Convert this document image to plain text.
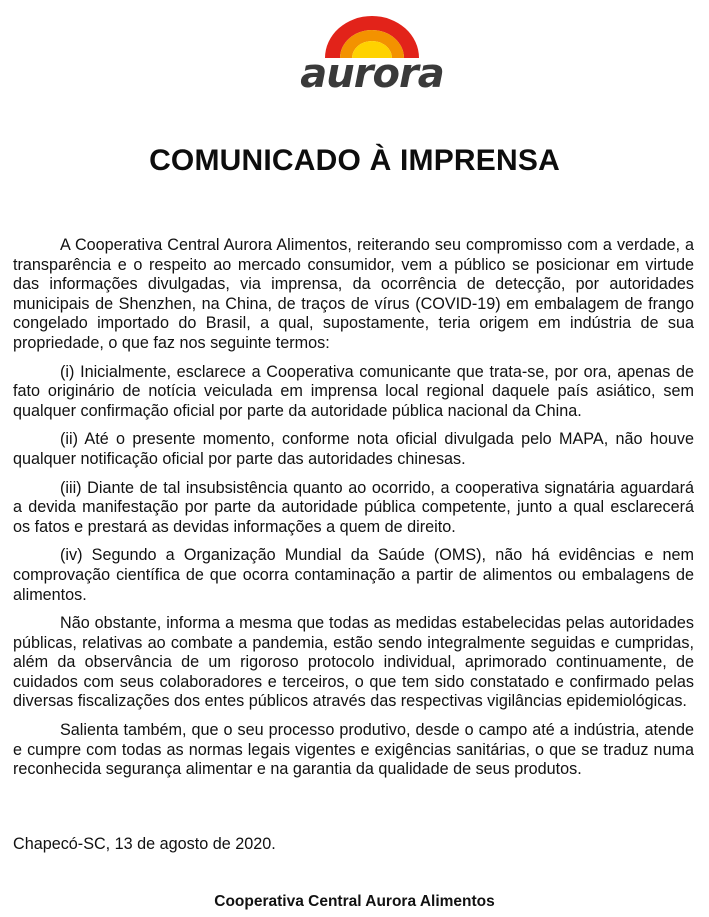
aurora
COMUNICADO À IMPRENSA

A Cooperativa Central Aurora Alimentos, reiterando seu compromisso com a verdade, a transparência e o respeito ao mercado consumidor, vem a público se posicionar em virtude das informações divulgadas, via imprensa, da ocorrência de detecção, por autoridades municipais de Shenzhen, na China, de traços de vírus (COVID-19) em embalagem de frango congelado importado do Brasil, a qual, supostamente, teria origem em indústria de sua propriedade, o que faz nos seguinte termos:

(i) Inicialmente, esclarece a Cooperativa comunicante que trata-se, por ora, apenas de fato originário de notícia veiculada em imprensa local regional daquele país asiático, sem qualquer confirmação oficial por parte da autoridade pública nacional da China.

(ii) Até o presente momento, conforme nota oficial divulgada pelo MAPA, não houve qualquer notificação oficial por parte das autoridades chinesas.

(iii) Diante de tal insubsistência quanto ao ocorrido, a cooperativa signatária aguardará a devida manifestação por parte da autoridade pública competente, junto a qual esclarecerá os fatos e prestará as devidas informações a quem de direito.

(iv) Segundo a Organização Mundial da Saúde (OMS), não há evidências e nem comprovação científica de que ocorra contaminação a partir de alimentos ou embalagens de alimentos.

Não obstante, informa a mesma que todas as medidas estabelecidas pelas autoridades públicas, relativas ao combate a pandemia, estão sendo integralmente seguidas e cumpridas, além da observância de um rigoroso protocolo individual, aprimorado continuamente, de cuidados com seus colaboradores e terceiros, o que tem sido constatado e confirmado pelas diversas fiscalizações dos entes públicos através das respectivas vigilâncias epidemiológicas.

Salienta também, que o seu processo produtivo, desde o campo até a indústria, atende e cumpre com todas as normas legais vigentes e exigências sanitárias, o que se traduz numa reconhecida segurança alimentar e na garantia da qualidade de seus produtos.

Chapecó-SC, 13 de agosto de 2020.

Cooperativa Central Aurora Alimentos
